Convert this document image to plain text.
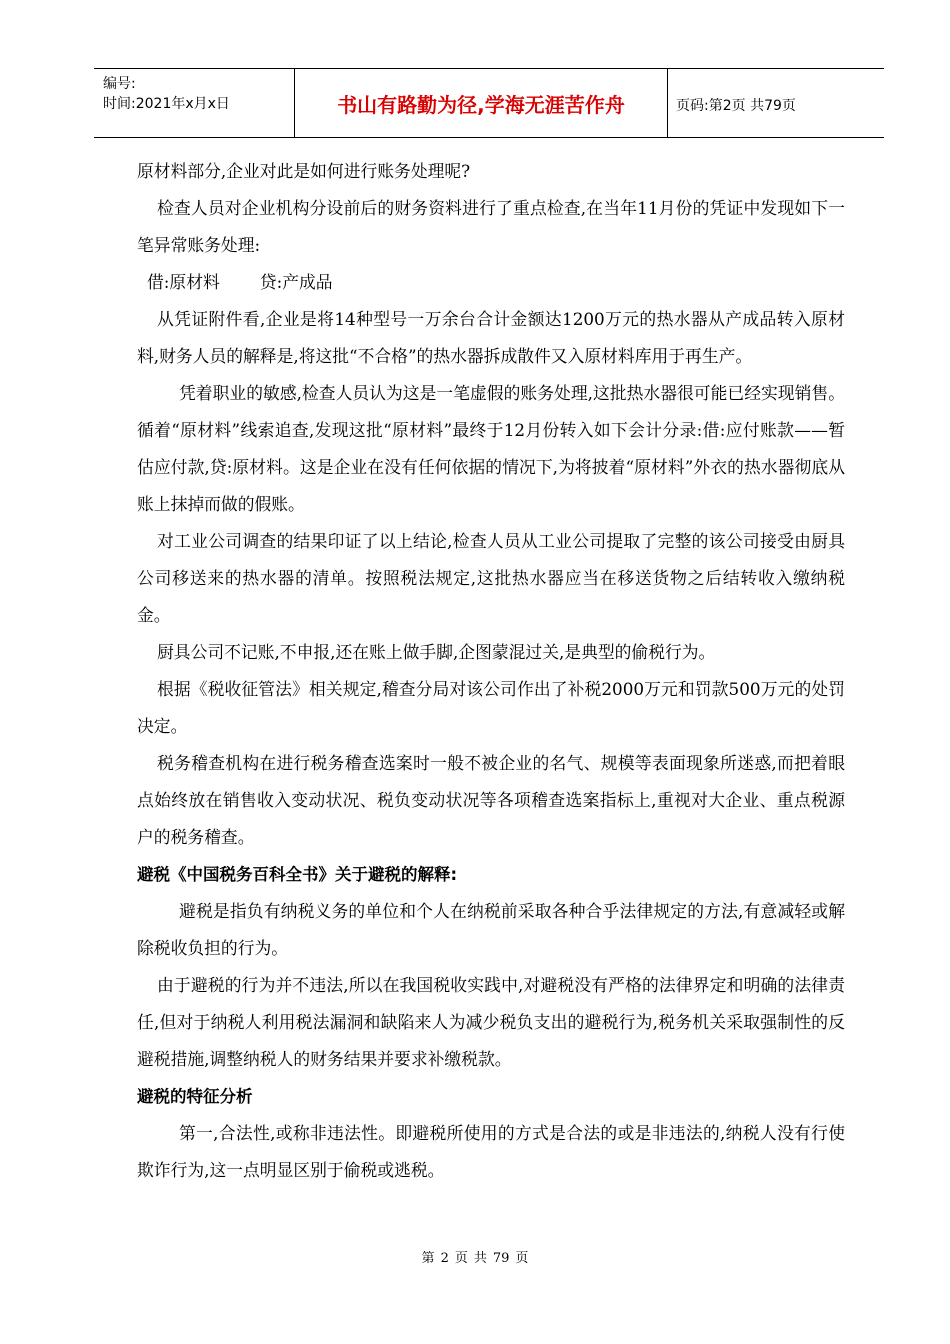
编号:
时间:2021年x月x日	书山有路勤为径,学海无涯苦作舟	页码:第2页 共79页

原材料部分,企业对此是如何进行账务处理呢?

检查人员对企业机构分设前后的财务资料进行了重点检查,在当年11月份的凭证中发现如下一笔异常账务处理:

借:原材料 贷:产成品

从凭证附件看,企业是将14种型号一万余台合计金额达1200万元的热水器从产成品转入原材料,财务人员的解释是,将这批“不合格”的热水器拆成散件又入原材料库用于再生产。

凭着职业的敏感,检查人员认为这是一笔虚假的账务处理,这批热水器很可能已经实现销售。循着“原材料”线索追查,发现这批“原材料”最终于12月份转入如下会计分录:借:应付账款——暂估应付款,贷:原材料。这是企业在没有任何依据的情况下,为将披着“原材料”外衣的热水器彻底从账上抹掉而做的假账。

对工业公司调查的结果印证了以上结论,检查人员从工业公司提取了完整的该公司接受由厨具公司移送来的热水器的清单。按照税法规定,这批热水器应当在移送货物之后结转收入缴纳税金。

厨具公司不记账,不申报,还在账上做手脚,企图蒙混过关,是典型的偷税行为。

根据《税收征管法》相关规定,稽查分局对该公司作出了补税2000万元和罚款500万元的处罚决定。

税务稽查机构在进行税务稽查选案时一般不被企业的名气、规模等表面现象所迷惑,而把着眼点始终放在销售收入变动状况、税负变动状况等各项稽查选案指标上,重视对大企业、重点税源户的税务稽查。

避税《中国税务百科全书》关于避税的解释:

避税是指负有纳税义务的单位和个人在纳税前采取各种合乎法律规定的方法,有意减轻或解除税收负担的行为。

由于避税的行为并不违法,所以在我国税收实践中,对避税没有严格的法律界定和明确的法律责任,但对于纳税人利用税法漏洞和缺陷来人为减少税负支出的避税行为,税务机关采取强制性的反避税措施,调整纳税人的财务结果并要求补缴税款。

避税的特征分析

第一,合法性,或称非违法性。即避税所使用的方式是合法的或是非违法的,纳税人没有行使欺诈行为,这一点明显区别于偷税或逃税。

第 2 页 共 79 页
